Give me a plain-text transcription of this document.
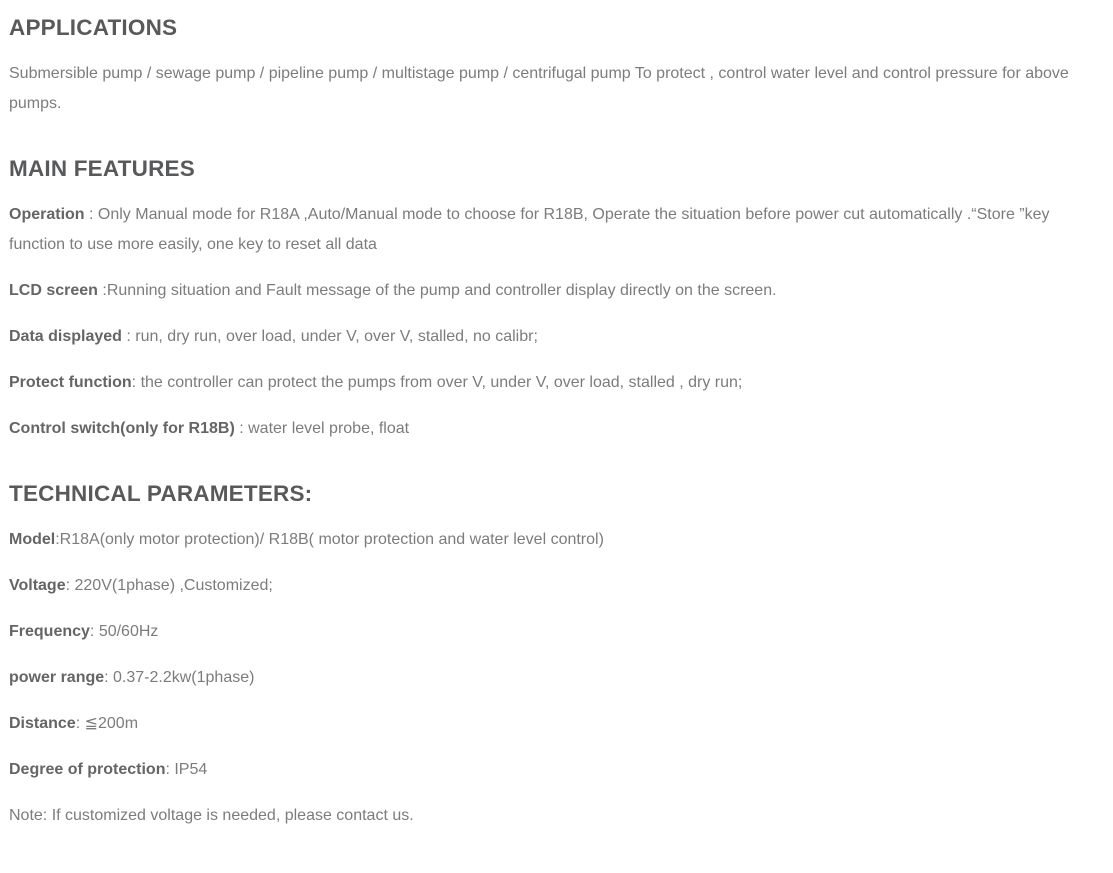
APPLICATIONS

Submersible pump / sewage pump / pipeline pump / multistage pump / centrifugal pump To protect , control water level and control pressure for above pumps.

MAIN FEATURES

Operation : Only Manual mode for R18A ,Auto/Manual mode to choose for R18B, Operate the situation before power cut automatically .“Store ”key function to use more easily, one key to reset all data

LCD screen :Running situation and Fault message of the pump and controller display directly on the screen.

Data displayed : run, dry run, over load, under V, over V, stalled, no calibr;

Protect function: the controller can protect the pumps from over V, under V, over load, stalled , dry run;

Control switch(only for R18B) : water level probe, float

TECHNICAL PARAMETERS:

Model:R18A(only motor protection)/ R18B( motor protection and water level control)

Voltage: 220V(1phase) ,Customized;

Frequency: 50/60Hz

power range: 0.37-2.2kw(1phase)

Distance: ≦200m

Degree of protection: IP54

Note: If customized voltage is needed, please contact us.
